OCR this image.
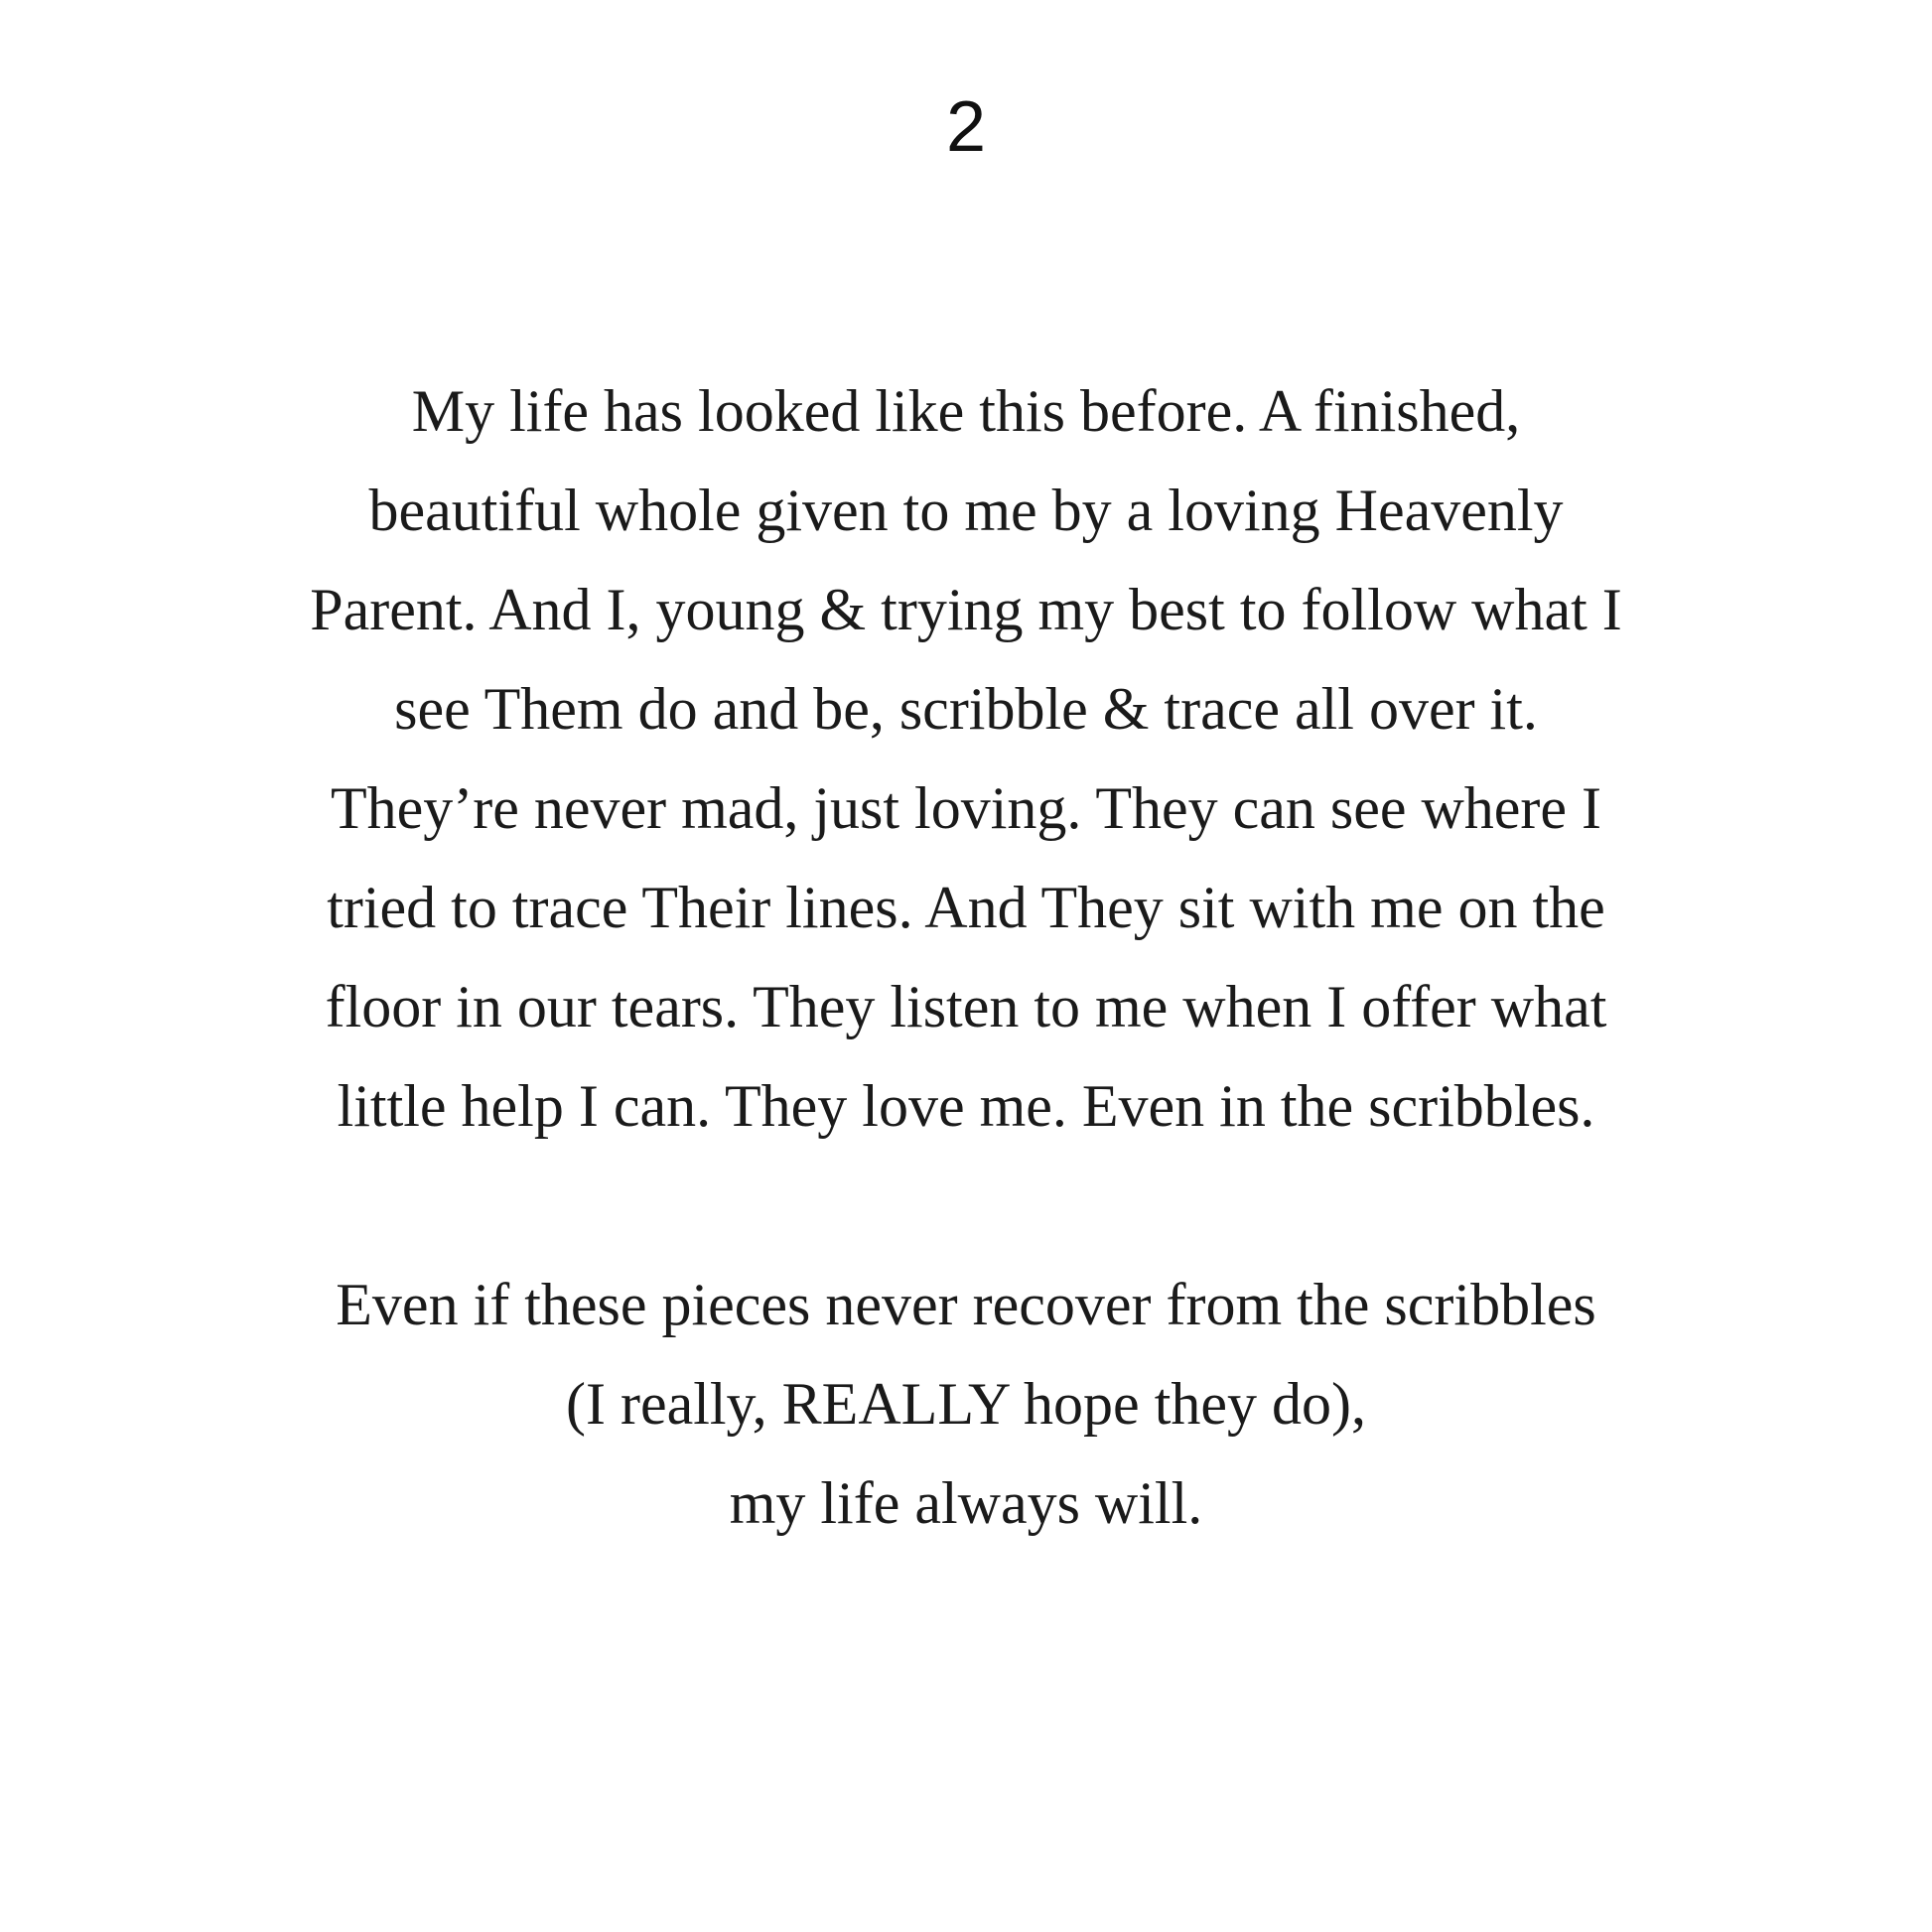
2
My life has looked like this before. A finished,
beautiful whole given to me by a loving Heavenly
Parent. And I, young & trying my best to follow what I
see Them do and be, scribble & trace all over it.
They’re never mad, just loving. They can see where I
tried to trace Their lines. And They sit with me on the
floor in our tears. They listen to me when I offer what
little help I can. They love me. Even in the scribbles.
Even if these pieces never recover from the scribbles
(I really, REALLY hope they do),
my life always will.
